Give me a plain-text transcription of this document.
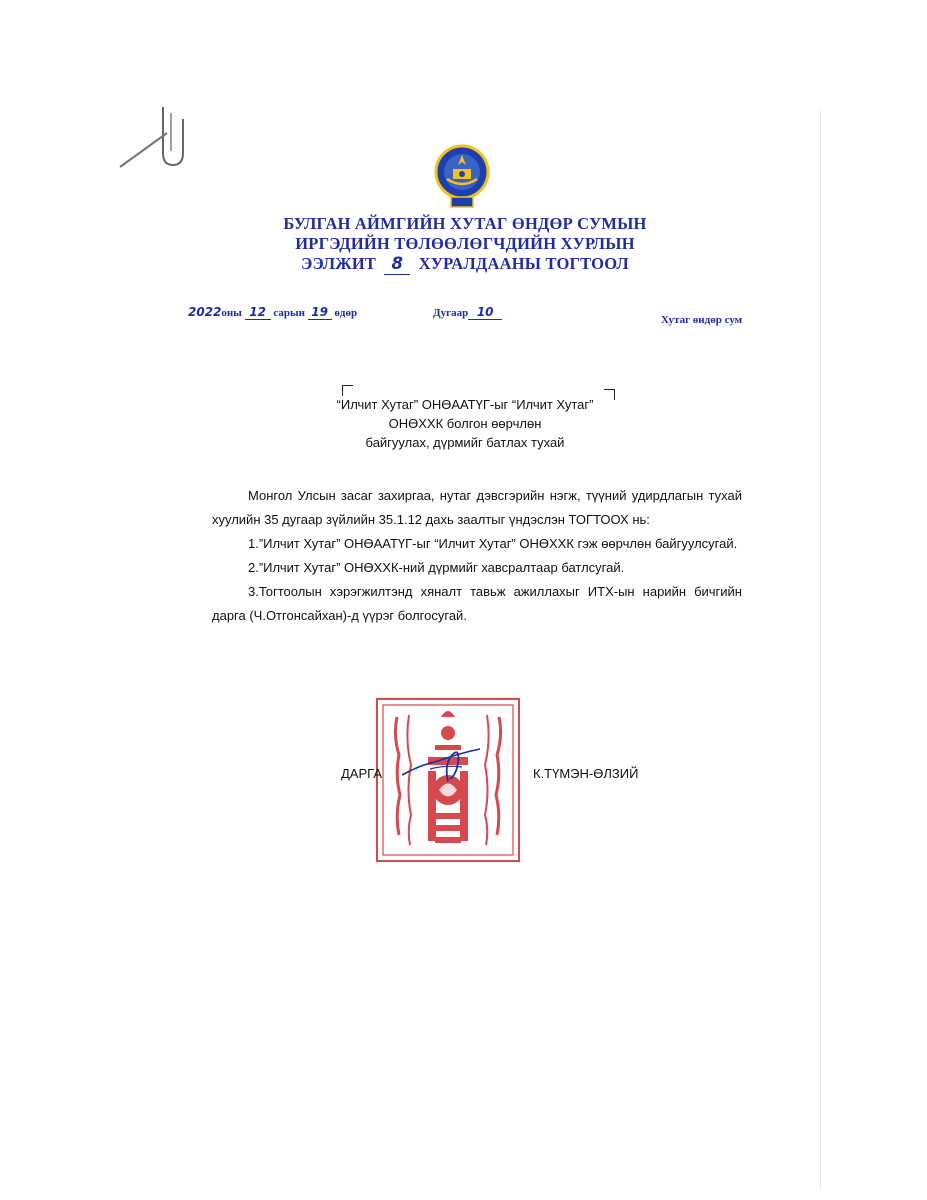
БУЛГАН АЙМГИЙН ХУТАГ ӨНДӨР СУМЫН
ИРГЭДИЙН ТӨЛӨӨЛӨГЧДИЙН ХУРЛЫН
ЭЭЛЖИТ 8 ХУРАЛДААНЫ ТОГТООЛ
2022оны 12 сарын 19 өдөр	Дугаар 10
Хутаг өндөр сум
“Илчит Хутаг” ОНӨААТҮГ-ыг “Илчит Хутаг”
ОНӨХХК болгон өөрчлөн
байгуулах, дүрмийг батлах тухай

Монгол Улсын засаг захиргаа, нутаг дэвсгэрийн нэгж, түүний удирдлагын тухай хуулийн 35 дугаар зүйлийн 35.1.12 дахь заалтыг үндэслэн ТОГТООХ нь:

1.”Илчит Хутаг” ОНӨААТҮГ-ыг “Илчит Хутаг” ОНӨХХК гэж өөрчлөн байгуулсугай.

2.”Илчит Хутаг” ОНӨХХК-ний дүрмийг хавсралтаар батлсугай.

3.Тогтоолын хэрэгжилтэнд хяналт тавьж ажиллахыг ИТХ-ын нарийн бичгийн дарга (Ч.Отгонсайхан)-д үүрэг болгосугай.

ДАРГА	К.ТҮМЭН-ӨЛЗИЙ
